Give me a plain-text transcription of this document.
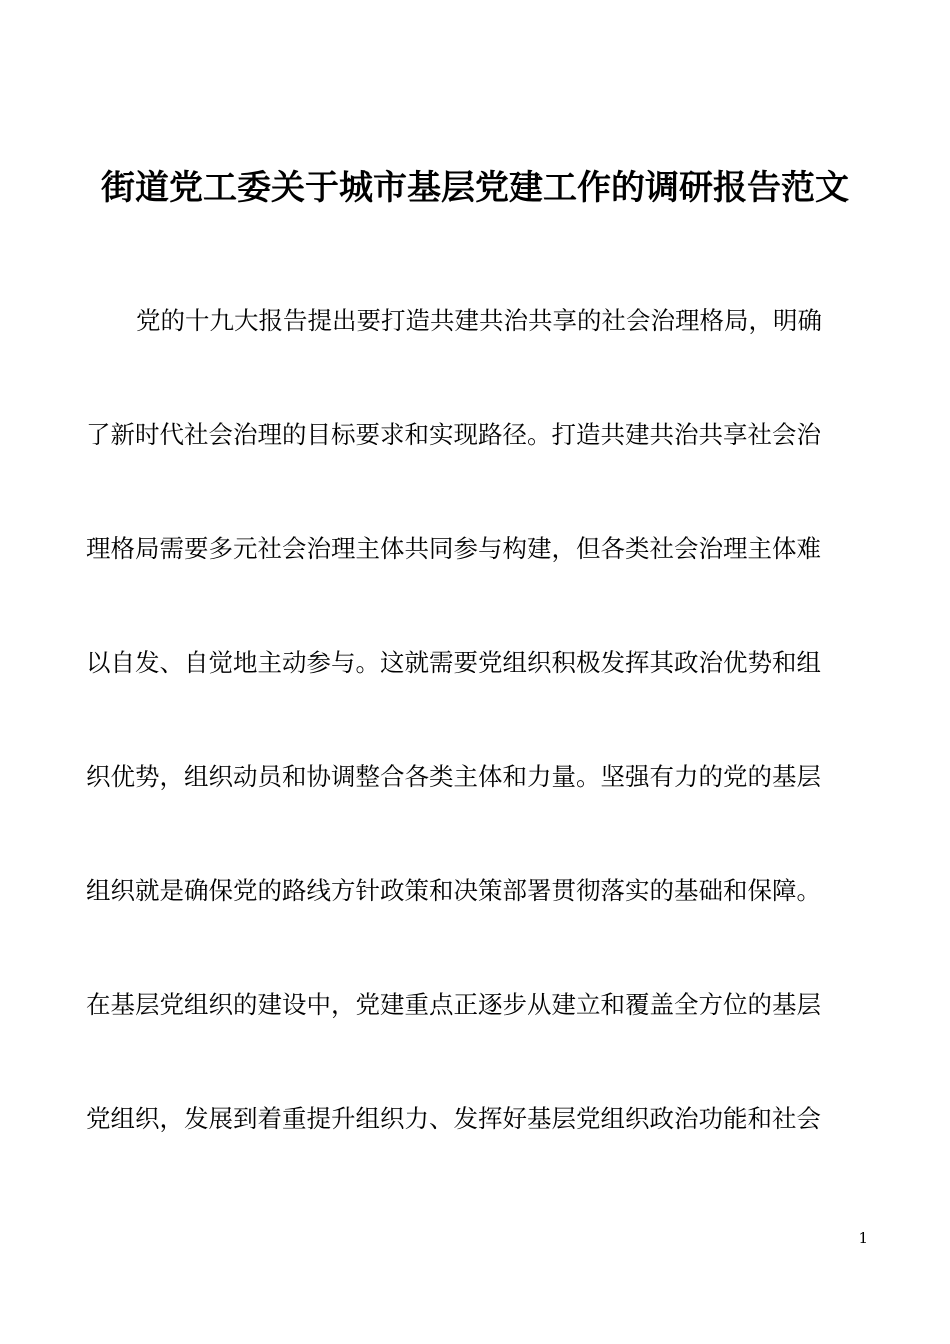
街道党工委关于城市基层党建工作的调研报告范文
党的十九大报告提出要打造共建共治共享的社会治理格局，明确
了新时代社会治理的目标要求和实现路径。打造共建共治共享社会治
理格局需要多元社会治理主体共同参与构建，但各类社会治理主体难
以自发、自觉地主动参与。这就需要党组织积极发挥其政治优势和组
织优势，组织动员和协调整合各类主体和力量。坚强有力的党的基层
组织就是确保党的路线方针政策和决策部署贯彻落实的基础和保障。
在基层党组织的建设中，党建重点正逐步从建立和覆盖全方位的基层
党组织，发展到着重提升组织力、发挥好基层党组织政治功能和社会
1
